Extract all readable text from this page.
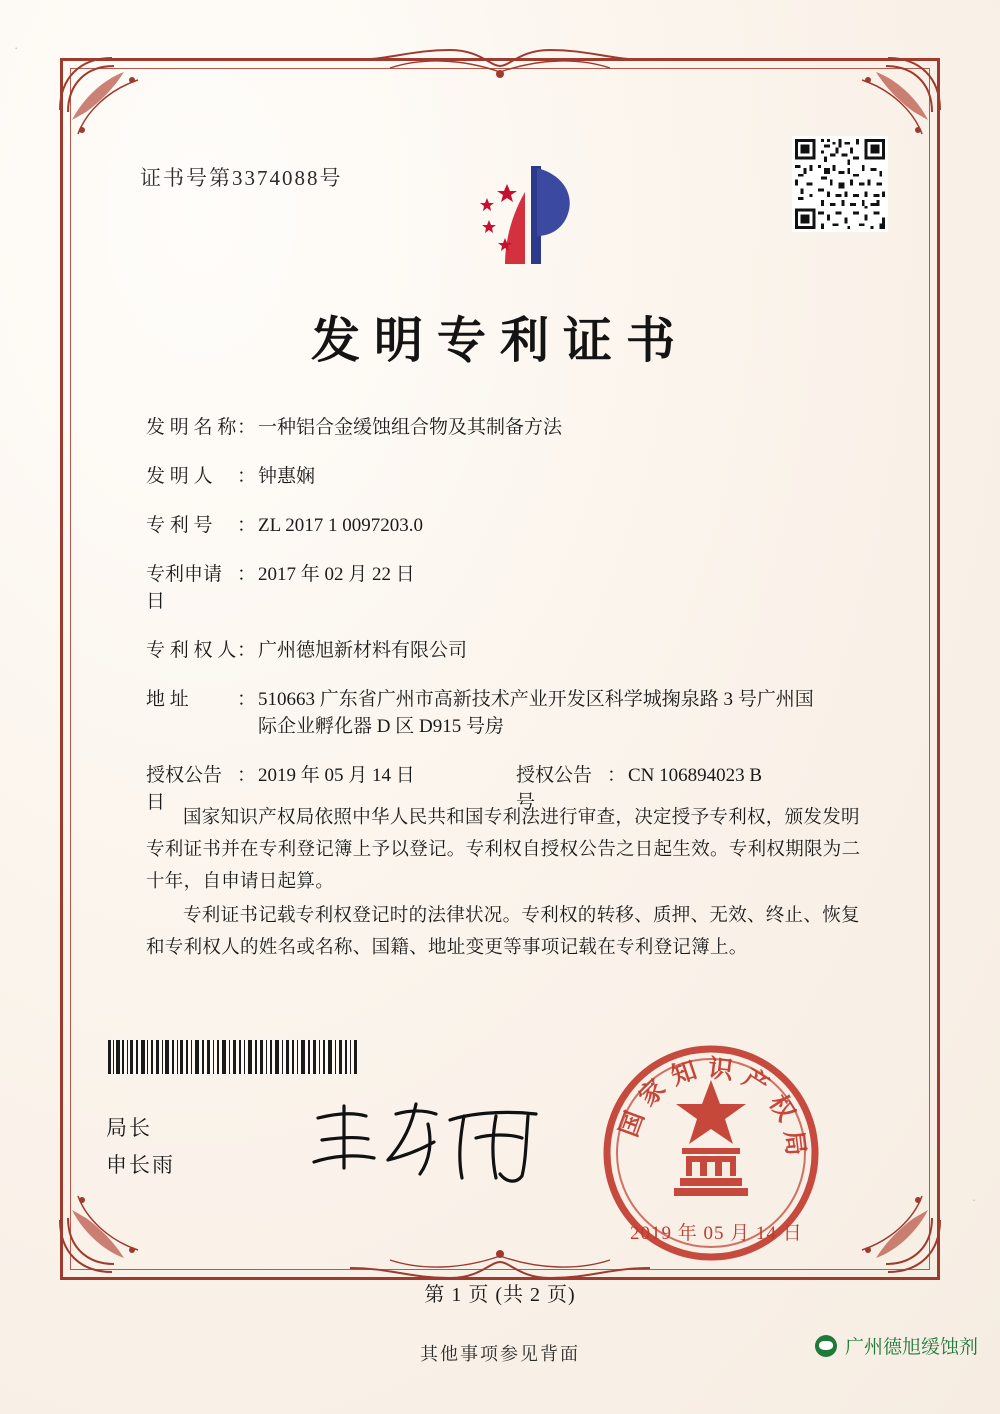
证书号第3374088号
发明专利证书
发 明 名 称 ： 一种铝合金缓蚀组合物及其制备方法
发 明 人 ： 钟惠娴
专 利 号 ： ZL 2017 1 0097203.0
专利申请日
： 2017 年 02 月 22 日
专 利 权 人 ： 广州德旭新材料有限公司
地 址	： 510663 广东省广州市高新技术产业开发区科学城掬泉路 3 号广州国际企业孵化器 D 区 D915 号房
授权公告日
： 2019 年 05 月 14 日	授权公告号
： CN 106894023 B

国家知识产权局依照中华人民共和国专利法进行审查，决定授予专利权，颁发发明专利证书并在专利登记簿上予以登记。专利权自授权公告之日起生效。专利权期限为二十年，自申请日起算。

专利证书记载专利权登记时的法律状况。专利权的转移、质押、无效、终止、恢复和专利权人的姓名或名称、国籍、地址变更等事项记载在专利登记簿上。

局长
申长雨
国 家 知 识 产 权 局
2019 年 05 月 14 日
第 1 页 (共 2 页)
其他事项参见背面	广州德旭缓蚀剂
·
·
